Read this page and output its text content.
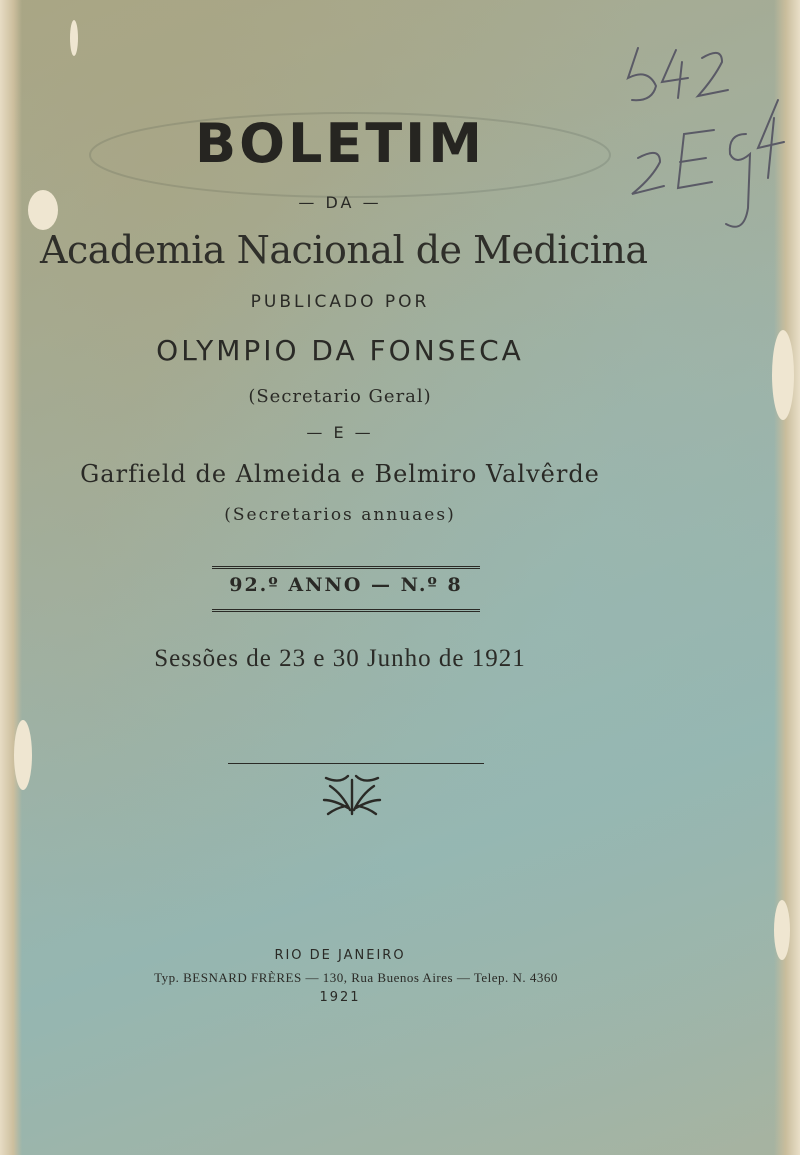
BOLETIM
— DA —
Academia Nacional de Medicina
PUBLICADO POR
OLYMPIO DA FONSECA
(Secretario Geral)
— E —
Garfield de Almeida e Belmiro Valvêrde
(Secretarios annuaes)
92.º ANNO — N.º 8
Sessões de 23 e 30 Junho de 1921
RIO DE JANEIRO
Typ. BESNARD FRÈRES — 130, Rua Buenos Aires — Telep. N. 4360
1921
